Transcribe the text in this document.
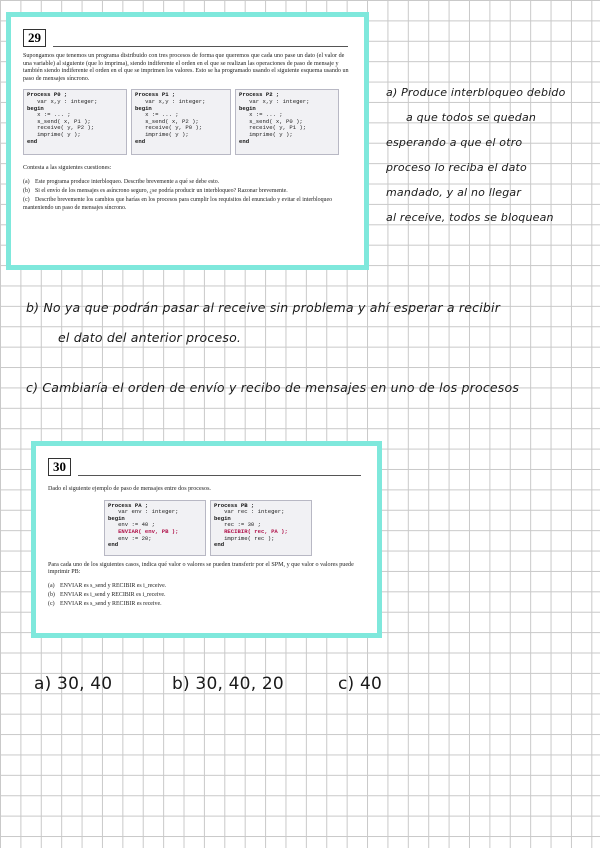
29

Supongamos que tenemos un programa distribuido con tres procesos de forma que queremos que cada uno pase un dato (el valor de una variable) al siguiente (que lo imprima), siendo indiferente el orden en el que se realizan las operaciones de paso de mensaje y también siendo indiferente el orden en el que se imprimen los valores. Esto se ha programado usando el siguiente esquema usando un paso de mensajes síncrono.

Process P0 ;
var x,y : integer;
begin
x := ... ;
s_send( x, P1 );
receive( y, P2 );
imprime( y );
end
Process P1 ;
var x,y : integer;
begin
x := ... ;
s_send( x, P2 );
receive( y, P0 );
imprime( y );
end
Process P2 ;
var x,y : integer;
begin
x := ... ;
s_send( x, P0 );
receive( y, P1 );
imprime( y );
end

Contesta a las siguientes cuestiones:

(a) Este programa produce interbloqueo. Describe brevemente a qué se debe esto.

(b) Si el envío de los mensajes es asíncrono seguro, ¿se podría producir un interbloqueo? Razonar brevemente.

(c) Describe brevemente los cambios que harías en los procesos para cumplir los requisitos del enunciado y evitar el interbloqueo manteniendo un paso de mensajes síncrono.

a) Produce interbloqueo debido
a que todos se quedan
esperando a que el otro
proceso lo reciba el dato
mandado, y al no llegar
al receive, todos se bloquean
b) No ya que podrán pasar al receive sin problema y ahí esperar a recibir
el dato del anterior proceso.
c) Cambiaría el orden de envío y recibo de mensajes en uno de los procesos
30

Dado el siguiente ejemplo de paso de mensajes entre dos procesos.

Process PA ;
var env : integer;
begin
env := 40 ;
ENVIAR( env, PB );
env := 20;
end
Process PB ;
var rec : integer;
begin
rec := 30 ;
RECIBIR( rec, PA );
imprime( rec );
end

Para cada uno de los siguientes casos, indica qué valor o valores se pueden transferir por el SPM, y que valor o valores puede imprimir PB:

(a) ENVIAR es s_send y RECIBIR es i_receive.

(b) ENVIAR es i_send y RECIBIR es i_receive.

(c) ENVIAR es s_send y RECIBIR es receive.

a) 30, 40	b) 30, 40, 20	c) 40
